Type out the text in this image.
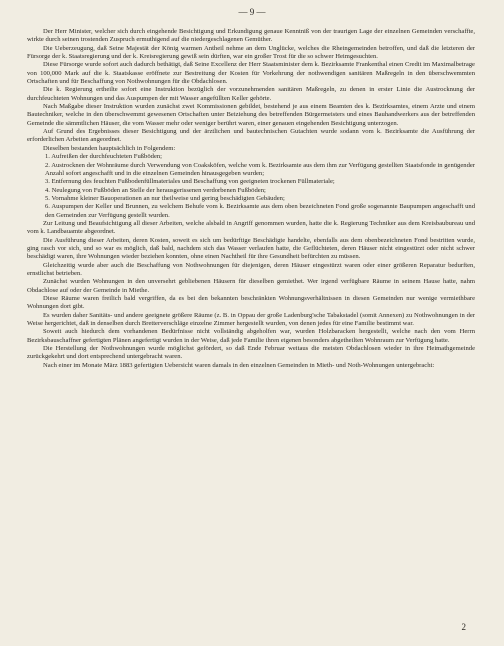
— 9 —

Der Herr Minister, welcher sich durch eingehende Besichtigung und Erkundigung genaue Kenntniß von der traurigen Lage der einzelnen Gemeinden verschaffte, wirkte durch seinen trostenden Zuspruch ermuthigend auf die niedergeschlagenen Gemüther.

Die Ueberzeugung, daß Seine Majestät der König warmen Antheil nehme an dem Unglücke, welches die Rheingemeinden betroffen, und daß die letzteren der Fürsorge der k. Staatsregierung und der k. Kreisregierung gewiß sein dürften, war ein großer Trost für die so schwer Heimgesuchten.

Diese Fürsorge wurde sofort auch dadurch bethätigt, daß Seine Excellenz der Herr Staatsminister dem k. Bezirksamte Frankenthal einen Credit im Maximalbetrage von 100,000 Mark auf die k. Staatskasse eröffnete zur Bestreitung der Kosten für Vorkehrung der nothwendigen sanitären Maßregeln in den überschwemmten Ortschaften und für Beschaffung von Nothwohnungen für die Obdachlosen.

Die k. Regierung ertheilte sofort eine Instruktion bezüglich der vorzunehmenden sanitären Maßregeln, zu denen in erster Linie die Austrocknung der durchfeuchteten Wohnungen und das Auspumpen der mit Wasser angefüllten Keller gehörte.

Nach Maßgabe dieser Instruktion wurden zunächst zwei Kommissionen gebildet, bestehend je aus einem Beamten des k. Bezirksamtes, einem Arzte und einem Bautechniker, welche in den überschwemmt gewesenen Ortschaften unter Beiziehung des betreffenden Bürgermeisters und eines Bauhandwerkers aus der betreffenden Gemeinde die sämmtlichen Häuser, die vom Wasser mehr oder weniger berührt waren, einer genauen eingehenden Besichtigung unterzogen.

Auf Grund des Ergebnisses dieser Besichtigung und der ärztlichen und bautechnischen Gutachten wurde sodann vom k. Bezirksamte die Ausführung der erforderlichen Arbeiten angeordnet.

Dieselben bestanden hauptsächlich in Folgendem:

1. Aufreißen der durchfeuchteten Fußböden;

2. Austrocknen der Wohnräume durch Verwendung von Coaksköfen, welche vom k. Bezirksamte aus dem ihm zur Verfügung gestellten Staatsfonde in genügender Anzahl sofort angeschafft und in die einzelnen Gemeinden hinausgegeben wurden;

3. Entfernung des feuchten Fußbodenfüllmateriales und Beschaffung von geeigneten trockenen Füllmateriale;

4. Neulegung von Fußböden an Stelle der herausgerissenen verdorbenen Fußböden;

5. Vornahme kleiner Bauoperationen an nur theilweise und gering beschädigten Gebäuden;

6. Auspumpen der Keller und Brunnen, zu welchem Behufe vom k. Bezirksamte aus dem oben bezeichneten Fond große sogenannte Baupumpen angeschafft und den Gemeinden zur Verfügung gestellt wurden.

Zur Leitung und Beaufsichtigung all dieser Arbeiten, welche alsbald in Angriff genommen wurden, hatte die k. Regierung Techniker aus dem Kreisbaubureau und vom k. Landbauamte abgeordnet.

Die Ausführung dieser Arbeiten, deren Kosten, soweit es sich um bedürftige Beschädigte handelte, ebenfalls aus dem obenbezeichneten Fond bestritten wurde, ging rasch vor sich, und so war es möglich, daß bald, nachdem sich das Wasser verlaufen hatte, die Geflüchteten, deren Häuser nicht eingestürzt oder nicht schwer beschädigt waren, ihre Wohnungen wieder beziehen konnten, ohne einen Nachtheil für ihre Gesundheit befürchten zu müssen.

Gleichzeitig wurde aber auch die Beschaffung von Nothwohnungen für diejenigen, deren Häuser eingestürzt waren oder einer größeren Reparatur bedurften, ernstlichst betrieben.

Zunächst wurden Wohnungen in den unversehrt gebliebenen Häusern für dieselben gemiethet. Wer irgend verfügbare Räume in seinem Hause hatte, nahm Obdachlose auf oder der Gemeinde in Miethe.

Diese Räume waren freilich bald vergriffen, da es bei den bekannten beschränkten Wohnungsverhältnissen in diesen Gemeinden nur wenige vermiethbare Wohnungen dort gibt.

Es wurden daher Sanitäts- und andere geeignete größere Räume (z. B. in Oppau der große Ladenburg'sche Tabakstadel (somit Annexen) zu Nothwohnungen in der Weise hergerichtet, daß in denselben durch Bretterverschläge einzelne Zimmer hergestellt wurden, von denen jedes für eine Familie bestimmt war.

Soweit auch hiedurch dem vorhandenen Bedürfnisse nicht vollständig abgeholfen war, wurden Holzbaracken hergestellt, welche nach den vom Herrn Bezirksbauschaffner gefertigten Plänen angefertigt wurden in der Weise, daß jede Familie ihren eigenen besonders abgetheilten Wohnraum zur Verfügung hatte.

Die Herstellung der Nothwohnungen wurde möglichst gefördert, so daß Ende Februar weitaus die meisten Obdachlosen wieder in ihre Heimathgemeinde zurückgekehrt und dort entsprechend untergebracht waren.

Nach einer im Monate März 1883 gefertigten Uebersicht waren damals in den einzelnen Gemeinden in Mieth- und Noth-Wohnungen untergebracht:

2
